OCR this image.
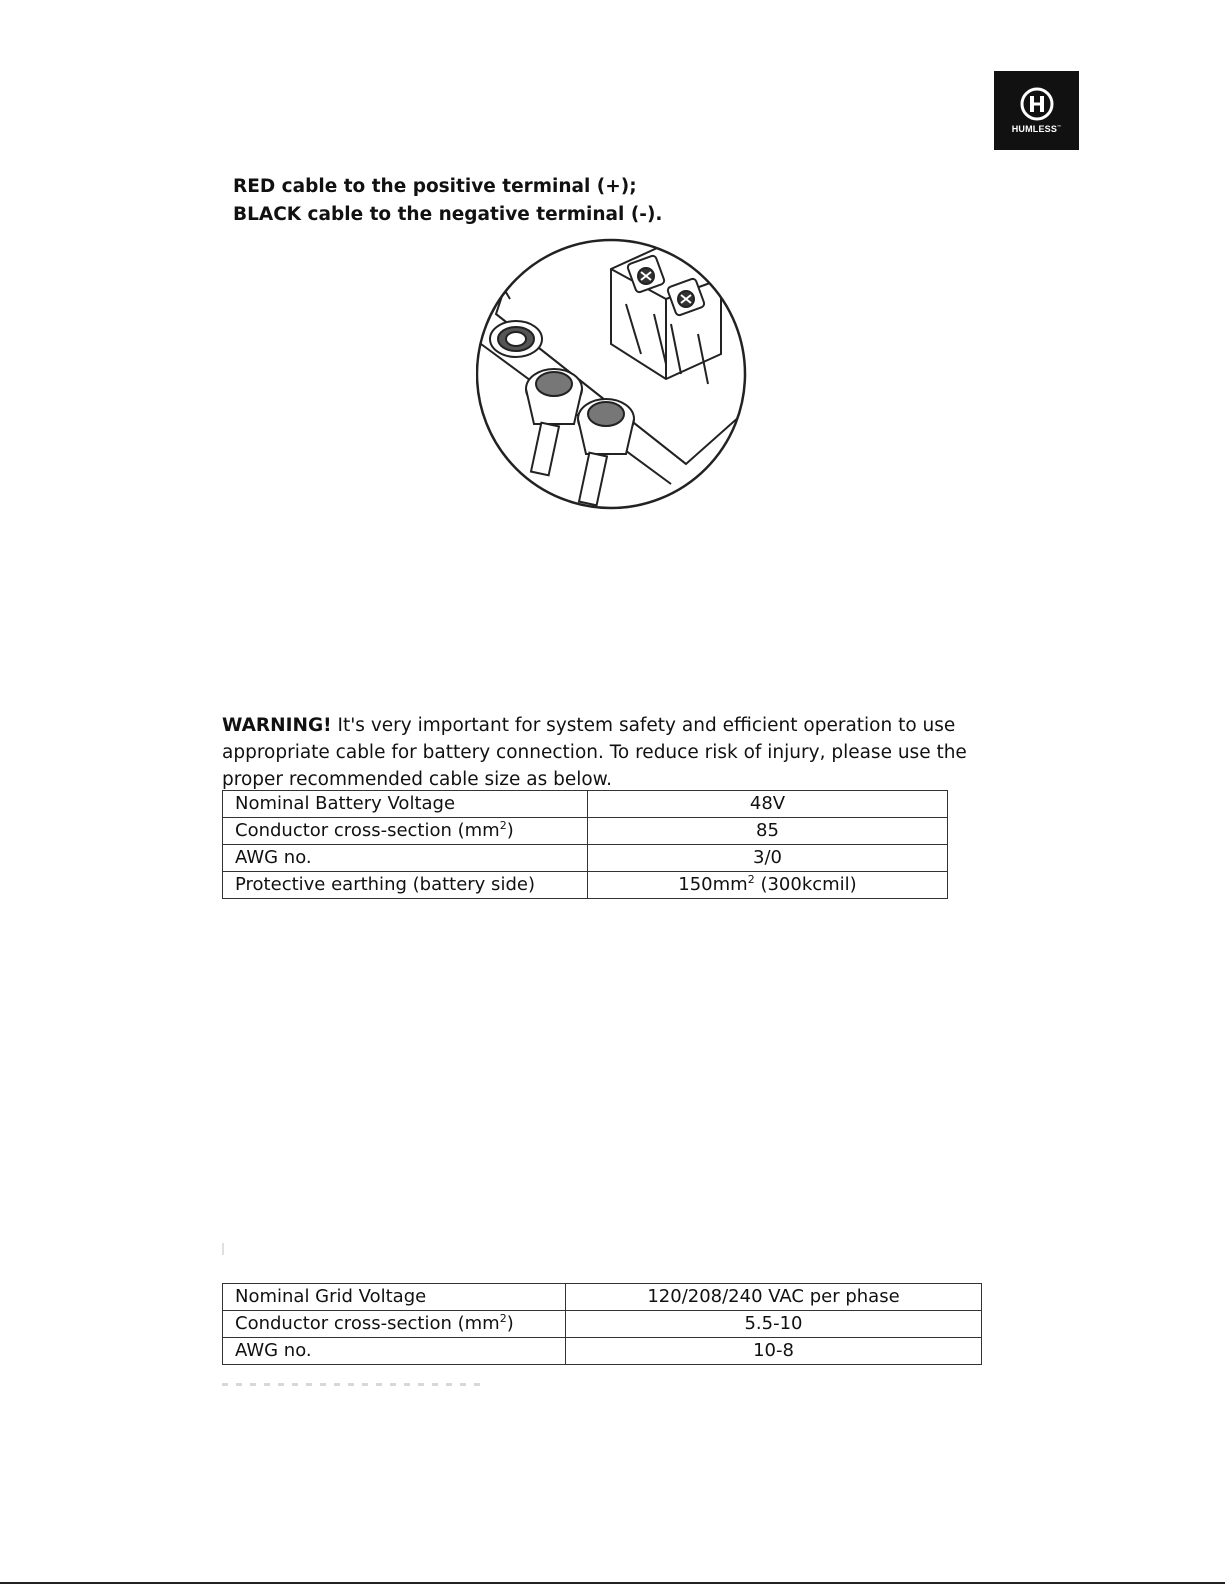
HUMLESS™
RED cable to the positive terminal (+);
BLACK cable to the negative terminal (-).
WARNING! It's very important for system safety and efficient operation to use appropriate cable for battery connection. To reduce risk of injury, please use the proper recommended cable size as below.
Nominal Battery Voltage	48V
Conductor cross-section $(mm^2)$	85
AWG no.	3/0
Protective earthing (battery side)	$150mm^2$ (300kcmil)
Nominal Grid Voltage	120/208/240 VAC per phase
Conductor cross-section $(mm^2)$	5.5-10
AWG no.	10-8
